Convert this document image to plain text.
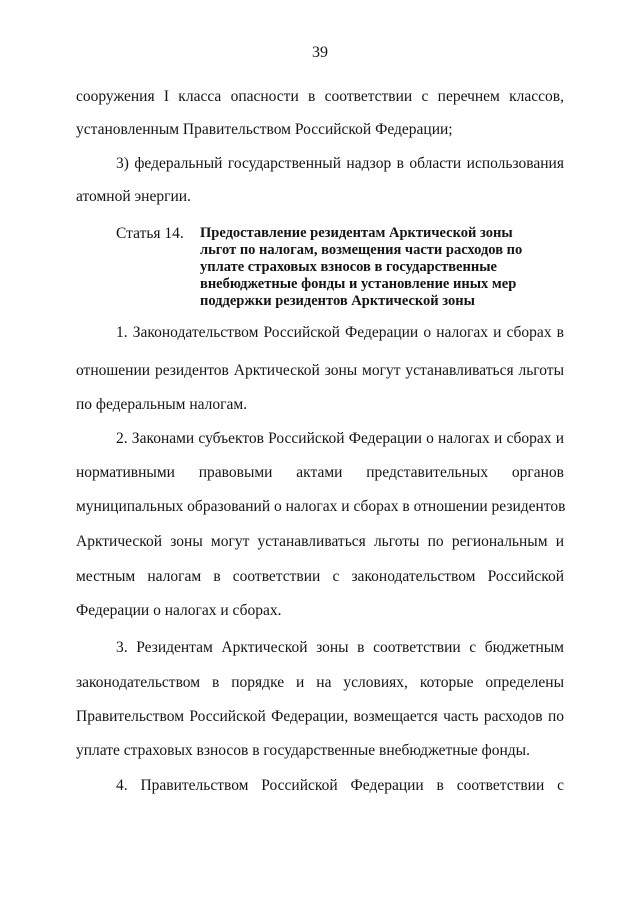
39
сооружения I класса опасности в соответствии с перечнем классов,
установленным Правительством Российской Федерации;
3) федеральный государственный надзор в области использования
атомной энергии.
Статья 14. Предоставление резидентам Арктической зоны
льгот по налогам, возмещения части расходов по
уплате страховых взносов в государственные
внебюджетные фонды и установление иных мер
поддержки резидентов Арктической зоны
1. Законодательством Российской Федерации о налогах и сборах в
отношении резидентов Арктической зоны могут устанавливаться льготы
по федеральным налогам.
2. Законами субъектов Российской Федерации о налогах и сборах и
нормативными правовыми актами представительных органов
муниципальных образований о налогах и сборах в отношении резидентов
Арктической зоны могут устанавливаться льготы по региональным и
местным налогам в соответствии с законодательством Российской
Федерации о налогах и сборах.
3. Резидентам Арктической зоны в соответствии с бюджетным
законодательством в порядке и на условиях, которые определены
Правительством Российской Федерации, возмещается часть расходов по
уплате страховых взносов в государственные внебюджетные фонды.
4. Правительством Российской Федерации в соответствии с
